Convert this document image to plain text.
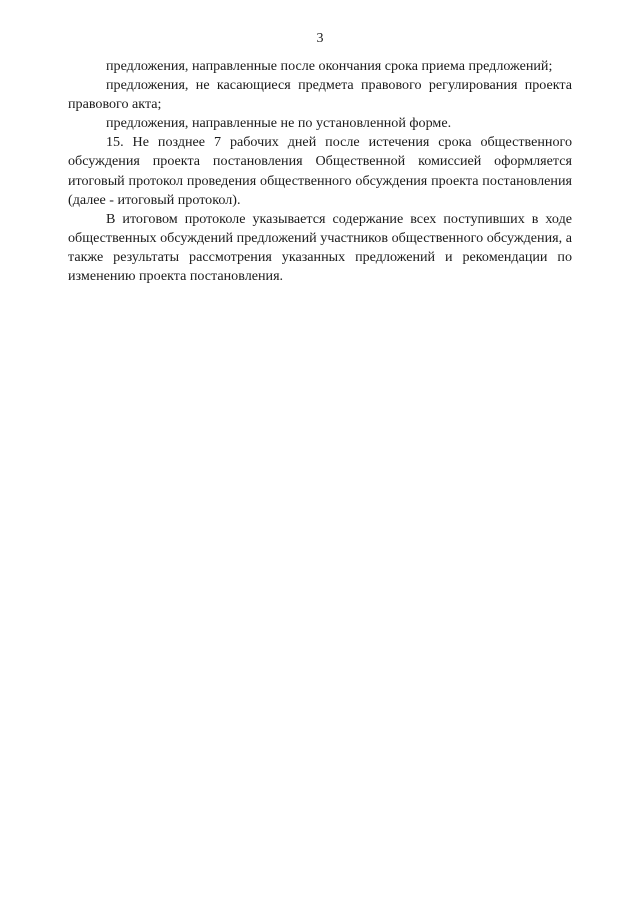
3

предложения, направленные после окончания срока приема предложений;

предложения, не касающиеся предмета правового регулирования проекта правового акта;

предложения, направленные не по установленной форме.

15. Не позднее 7 рабочих дней после истечения срока общественного обсуждения проекта постановления Общественной комиссией оформляется итоговый протокол проведения общественного обсуждения проекта постановления (далее - итоговый протокол).

В итоговом протоколе указывается содержание всех поступивших в ходе общественных обсуждений предложений участников общественного обсуждения, а также результаты рассмотрения указанных предложений и рекомендации по изменению проекта постановления.
